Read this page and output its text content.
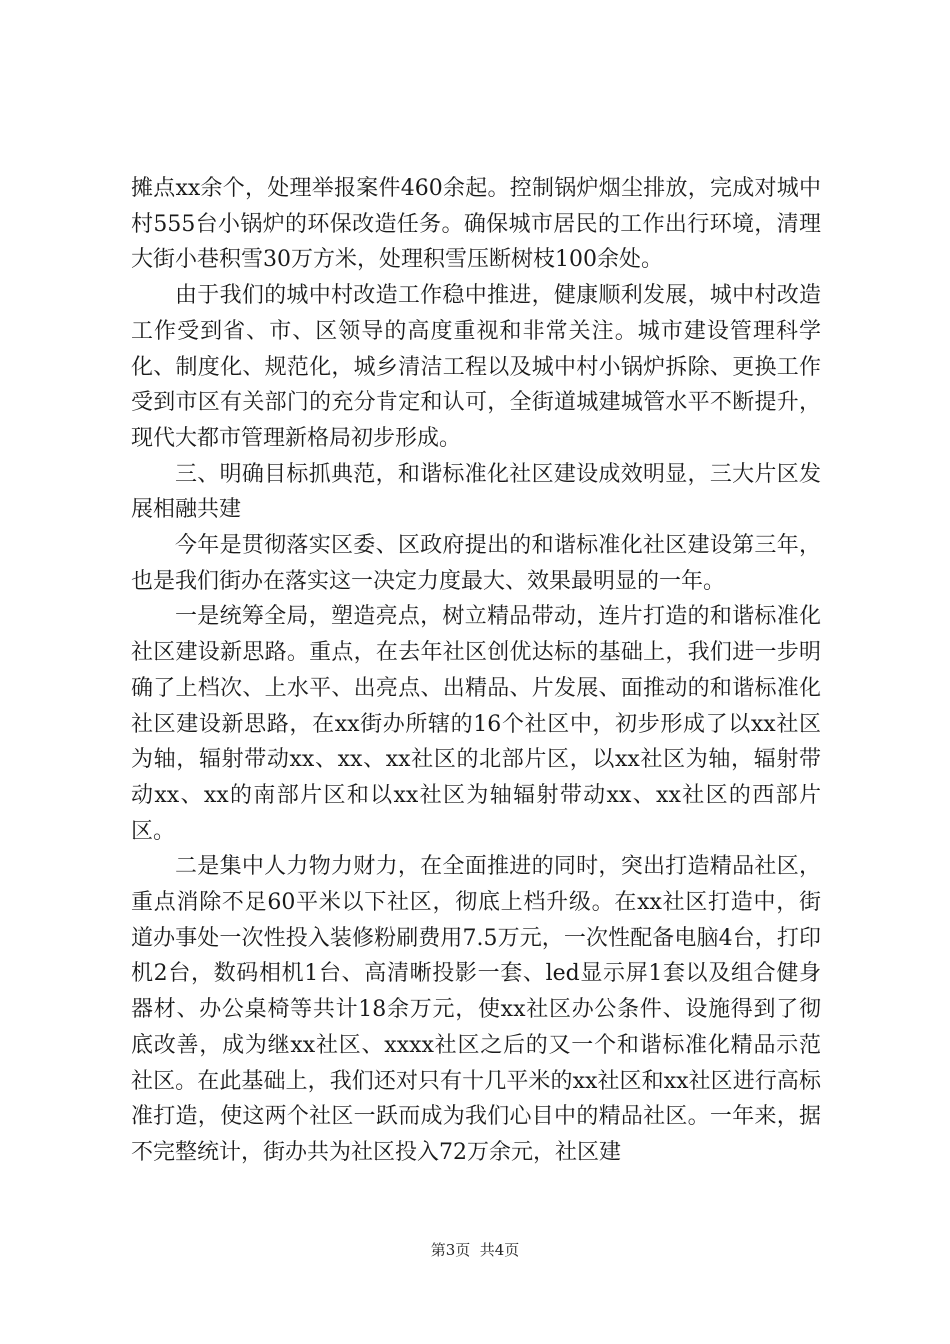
摊点xx余个，处理举报案件460余起。控制锅炉烟尘排放，完成对城中村555台小锅炉的环保改造任务。确保城市居民的工作出行环境，清理大街小巷积雪30万方米，处理积雪压断树枝100余处。

由于我们的城中村改造工作稳中推进，健康顺利发展，城中村改造工作受到省、市、区领导的高度重视和非常关注。城市建设管理科学化、制度化、规范化，城乡清洁工程以及城中村小锅炉拆除、更换工作受到市区有关部门的充分肯定和认可，全街道城建城管水平不断提升，现代大都市管理新格局初步形成。

三、明确目标抓典范，和谐标准化社区建设成效明显，三大片区发展相融共建

今年是贯彻落实区委、区政府提出的和谐标准化社区建设第三年，也是我们街办在落实这一决定力度最大、效果最明显的一年。

一是统筹全局，塑造亮点，树立精品带动，连片打造的和谐标准化社区建设新思路。重点，在去年社区创优达标的基础上，我们进一步明确了上档次、上水平、出亮点、出精品、片发展、面推动的和谐标准化社区建设新思路，在xx街办所辖的16个社区中，初步形成了以xx社区为轴，辐射带动xx、xx、xx社区的北部片区，以xx社区为轴，辐射带动xx、xx的南部片区和以xx社区为轴辐射带动xx、xx社区的西部片区。

二是集中人力物力财力，在全面推进的同时，突出打造精品社区，重点消除不足60平米以下社区，彻底上档升级。在xx社区打造中，街道办事处一次性投入装修粉刷费用7.5万元，一次性配备电脑4台，打印机2台，数码相机1台、高清晰投影一套、led显示屏1套以及组合健身器材、办公桌椅等共计18余万元，使xx社区办公条件、设施得到了彻底改善，成为继xx社区、xxxx社区之后的又一个和谐标准化精品示范社区。在此基础上，我们还对只有十几平米的xx社区和xx社区进行高标准打造，使这两个社区一跃而成为我们心目中的精品社区。一年来，据不完整统计，街办共为社区投入72万余元，社区建

第3页  共4页
